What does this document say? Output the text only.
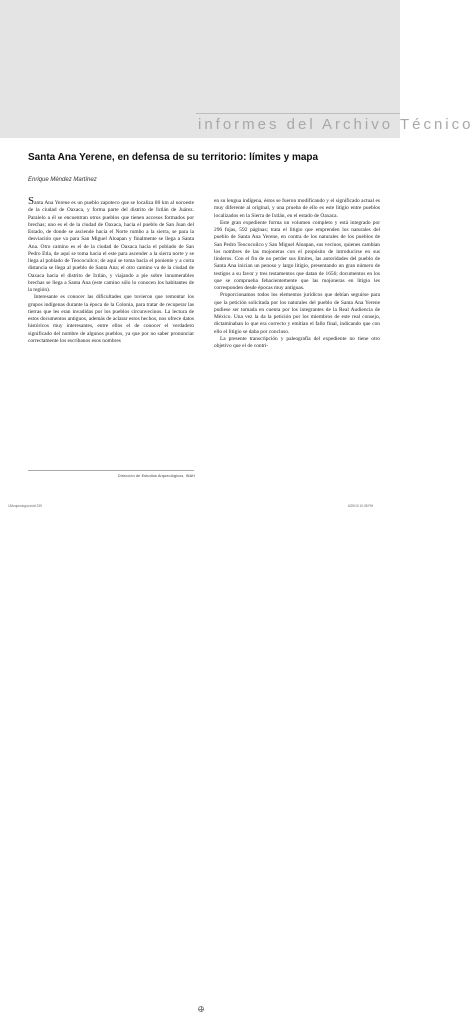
informes del Archivo Técnico
Santa Ana Yerene, en defensa de su territorio: límites y mapa
Enrique Méndez Martínez

Santa Ana Yerene es un pueblo zapoteco que se localiza 80 km al noroeste de la ciudad de Oaxaca, y forma parte del distrito de Ixtlán de Juárez. Paralelo a él se encuentran otros pueblos que tienen accesos formados por brechas; uno es el de la ciudad de Oaxaca, hacia el pueblo de San Juan del Estado, de donde se asciende hacia el Norte rumbo a la sierra, se para la desviación que va para San Miguel Aloapan y finalmente se llega a Santa Ana. Otro camino es el de la ciudad de Oaxaca hacia el poblado de San Pedro Etla, de aquí se toma hacia el este para ascender a la sierra norte y se llega al poblado de Teococuilco; de aquí se toma hacia el poniente y a corta distancia se llega al pueblo de Santa Ana; el otro camino va de la ciudad de Oaxaca hacia el distrito de Ixtlán, y viajando a pie sobre innumerables brechas se llega a Santa Ana (este camino sólo lo conocen los habitantes de la región).

Interesante es conocer las dificultades que tuvieron que remontar los grupos indígenas durante la época de la Colonia, para tratar de recuperar las tierras que les eran invadidas por los pueblos circunvecinos. La lectura de estos documentos antiguos, además de aclarar estos hechos, nos ofrece datos históricos muy interesantes, entre ellos el de conocer el verdadero significado del nombre de algunos pueblos, ya que por no saber pronunciar correctamente los escribanos esos nombres

en su lengua indígena, éstos se fueron modificando y el significado actual es muy diferente al original, y una prueba de ello es este litigio entre pueblos localizados en la Sierra de Ixtlán, en el estado de Oaxaca.

Este gran expediente forma un volumen completo y está integrado por 296 fojas, 592 páginas; trata el litigio que emprenden los naturales del pueblo de Santa Ana Yerene, en contra de los naturales de los pueblos de San Pedro Teococuilco y San Miguel Aloapan, sus vecinos, quienes cambian los nombres de las mojoneras con el propósito de introducirse en sus linderos. Con el fin de no perder sus límites, las autoridades del pueblo de Santa Ana inician un penoso y largo litigio, presentando un gran número de testigos a su favor y tres testamentos que datan de 1656; documentos en los que se comprueba fehacientemente que las mojoneras en litigio les corresponden desde épocas muy antiguas.

Proporcionamos todos los elementos jurídicos que debían seguirse para que la petición solicitada por los naturales del pueblo de Santa Ana Yerene pudiese ser tomada en cuenta por los integrantes de la Real Audiencia de México. Una vez la da la petición por los miembros de este real consejo, dictaminaban lo que era correcto y emitían el fallo final, indicando que con ello el litigio se daba por concluso.

La presente transcripción y paleografía del expediente no tiene otro objetivo que el de contri-

Dirección de Estudios Arqueológicos, INAH
15Arqueología.indd 239	6/29/10 10:38 PM
